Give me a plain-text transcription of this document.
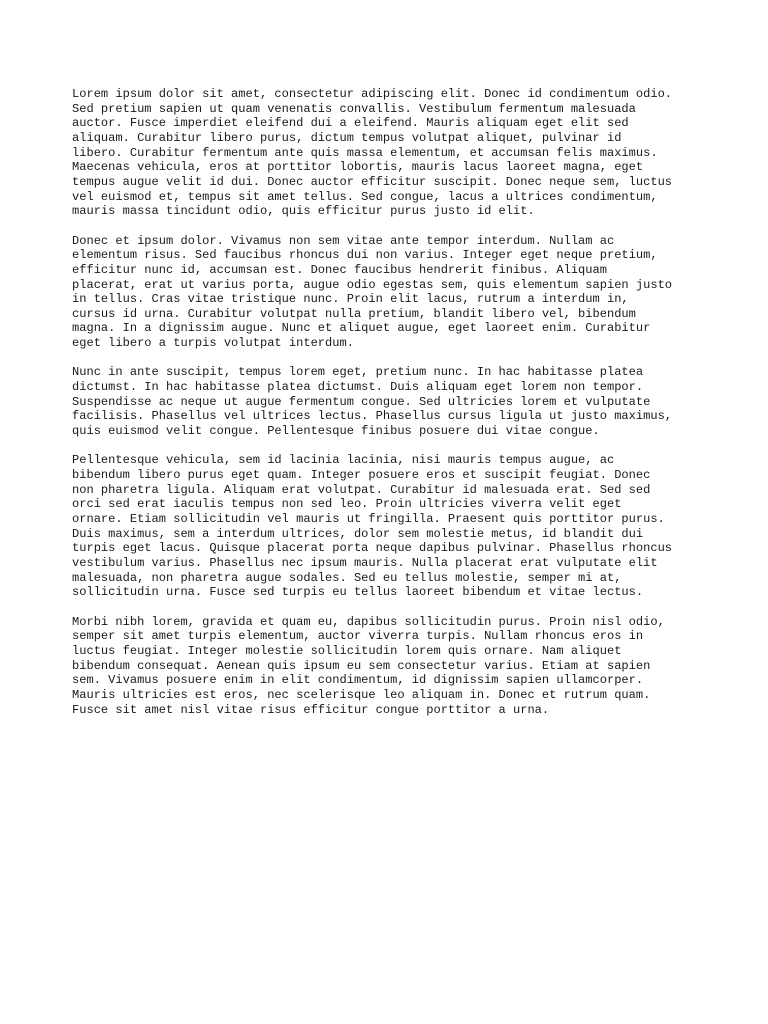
Lorem ipsum dolor sit amet, consectetur adipiscing elit. Donec id condimentum odio.
Sed pretium sapien ut quam venenatis convallis. Vestibulum fermentum malesuada
auctor. Fusce imperdiet eleifend dui a eleifend. Mauris aliquam eget elit sed
aliquam. Curabitur libero purus, dictum tempus volutpat aliquet, pulvinar id
libero. Curabitur fermentum ante quis massa elementum, et accumsan felis maximus.
Maecenas vehicula, eros at porttitor lobortis, mauris lacus laoreet magna, eget
tempus augue velit id dui. Donec auctor efficitur suscipit. Donec neque sem, luctus
vel euismod et, tempus sit amet tellus. Sed congue, lacus a ultrices condimentum,
mauris massa tincidunt odio, quis efficitur purus justo id elit.

Donec et ipsum dolor. Vivamus non sem vitae ante tempor interdum. Nullam ac
elementum risus. Sed faucibus rhoncus dui non varius. Integer eget neque pretium,
efficitur nunc id, accumsan est. Donec faucibus hendrerit finibus. Aliquam
placerat, erat ut varius porta, augue odio egestas sem, quis elementum sapien justo
in tellus. Cras vitae tristique nunc. Proin elit lacus, rutrum a interdum in,
cursus id urna. Curabitur volutpat nulla pretium, blandit libero vel, bibendum
magna. In a dignissim augue. Nunc et aliquet augue, eget laoreet enim. Curabitur
eget libero a turpis volutpat interdum.

Nunc in ante suscipit, tempus lorem eget, pretium nunc. In hac habitasse platea
dictumst. In hac habitasse platea dictumst. Duis aliquam eget lorem non tempor.
Suspendisse ac neque ut augue fermentum congue. Sed ultricies lorem et vulputate
facilisis. Phasellus vel ultrices lectus. Phasellus cursus ligula ut justo maximus,
quis euismod velit congue. Pellentesque finibus posuere dui vitae congue.

Pellentesque vehicula, sem id lacinia lacinia, nisi mauris tempus augue, ac
bibendum libero purus eget quam. Integer posuere eros et suscipit feugiat. Donec
non pharetra ligula. Aliquam erat volutpat. Curabitur id malesuada erat. Sed sed
orci sed erat iaculis tempus non sed leo. Proin ultricies viverra velit eget
ornare. Etiam sollicitudin vel mauris ut fringilla. Praesent quis porttitor purus.
Duis maximus, sem a interdum ultrices, dolor sem molestie metus, id blandit dui
turpis eget lacus. Quisque placerat porta neque dapibus pulvinar. Phasellus rhoncus
vestibulum varius. Phasellus nec ipsum mauris. Nulla placerat erat vulputate elit
malesuada, non pharetra augue sodales. Sed eu tellus molestie, semper mi at,
sollicitudin urna. Fusce sed turpis eu tellus laoreet bibendum et vitae lectus.

Morbi nibh lorem, gravida et quam eu, dapibus sollicitudin purus. Proin nisl odio,
semper sit amet turpis elementum, auctor viverra turpis. Nullam rhoncus eros in
luctus feugiat. Integer molestie sollicitudin lorem quis ornare. Nam aliquet
bibendum consequat. Aenean quis ipsum eu sem consectetur varius. Etiam at sapien
sem. Vivamus posuere enim in elit condimentum, id dignissim sapien ullamcorper.
Mauris ultricies est eros, nec scelerisque leo aliquam in. Donec et rutrum quam.
Fusce sit amet nisl vitae risus efficitur congue porttitor a urna.
